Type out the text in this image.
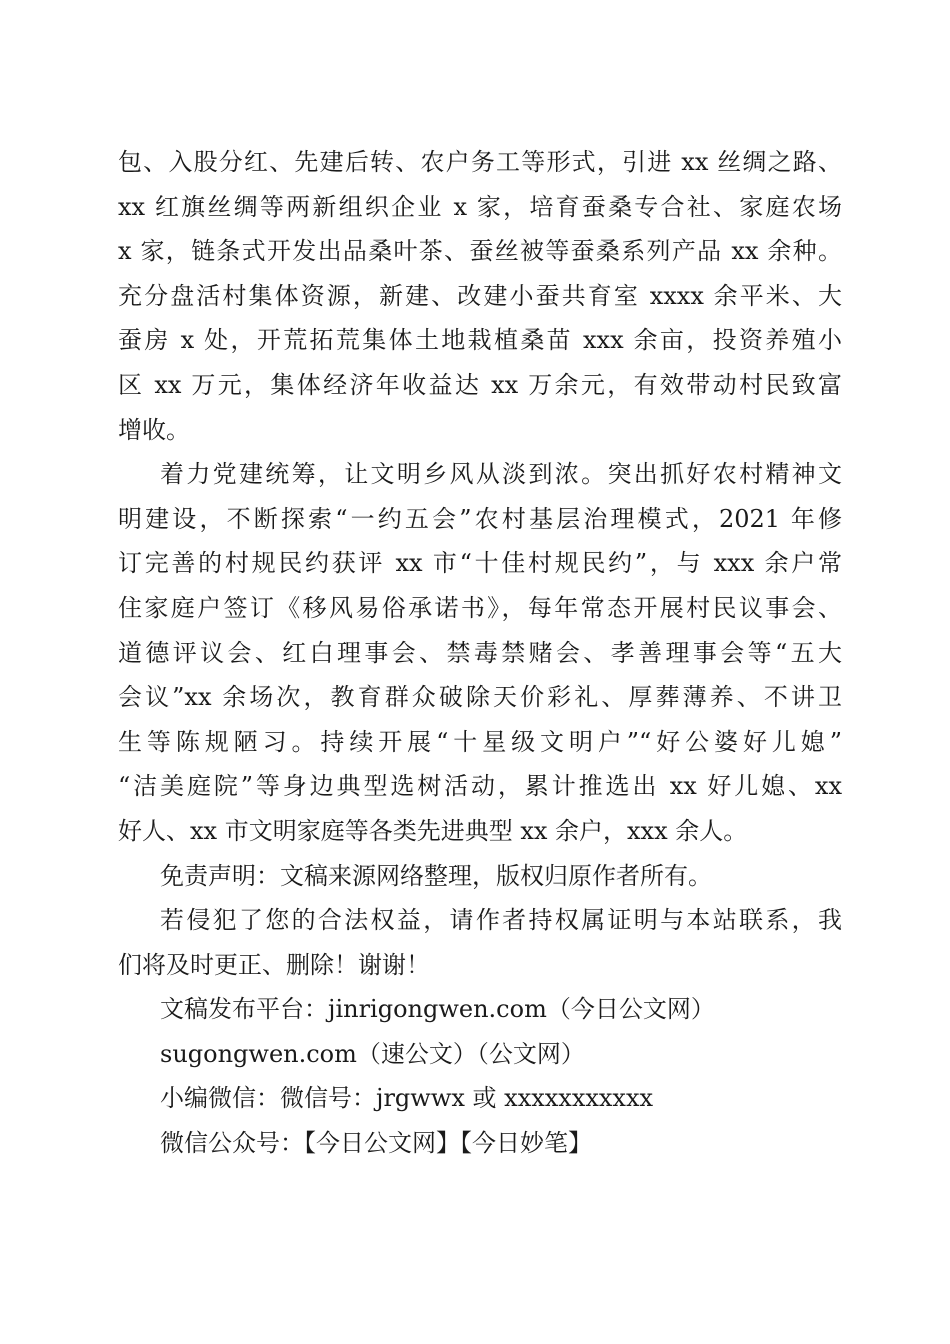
包、入股分红、先建后转、农户务工等形式，引进 xx 丝绸之路、
xx 红旗丝绸等两新组织企业 x 家，培育蚕桑专合社、家庭农场
x 家，链条式开发出品桑叶茶、蚕丝被等蚕桑系列产品 xx 余种。
充分盘活村集体资源，新建、改建小蚕共育室 xxxx 余平米、大
蚕房 x 处，开荒拓荒集体土地栽植桑苗 xxx 余亩，投资养殖小
区 xx 万元，集体经济年收益达 xx 万余元，有效带动村民致富
增收。
着力党建统筹，让文明乡风从淡到浓。突出抓好农村精神文
明建设，不断探索“一约五会”农村基层治理模式，2021 年修
订完善的村规民约获评 xx 市“十佳村规民约”，与 xxx 余户常
住家庭户签订《移风易俗承诺书》，每年常态开展村民议事会、
道德评议会、红白理事会、禁毒禁赌会、孝善理事会等“五大
会议”xx 余场次，教育群众破除天价彩礼、厚葬薄养、不讲卫
生等陈规陋习。持续开展“十星级文明户”“好公婆好儿媳”
“洁美庭院”等身边典型选树活动，累计推选出 xx 好儿媳、xx
好人、xx 市文明家庭等各类先进典型 xx 余户，xxx 余人。
免责声明：文稿来源网络整理，版权归原作者所有。
若侵犯了您的合法权益，请作者持权属证明与本站联系，我
们将及时更正、删除！谢谢！
文稿发布平台：jinrigongwen.com（今日公文网）
sugongwen.com（速公文）（公文网）
小编微信：微信号：jrgwwx 或 xxxxxxxxxxx
微信公众号：【今日公文网】【今日妙笔】
